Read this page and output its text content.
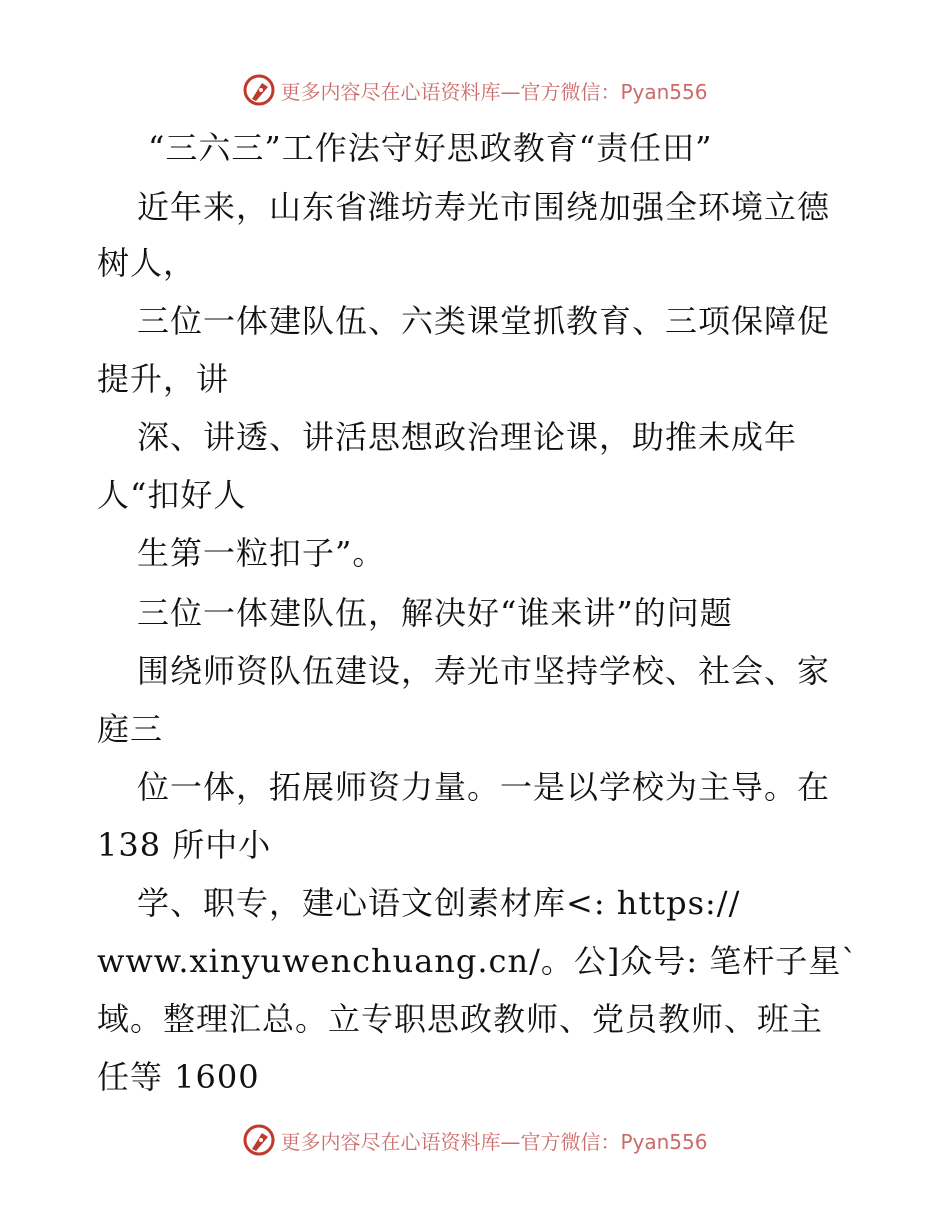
更多内容尽在心语资料库—官方微信：Pyan556
“三六三”工作法守好思政教育“责任田”
近年来，山东省潍坊寿光市围绕加强全环境立德
树人，
三位一体建队伍、六类课堂抓教育、三项保障促
提升，讲
深、讲透、讲活思想政治理论课，助推未成年
人“扣好人
生第一粒扣子”。
三位一体建队伍，解决好“谁来讲”的问题
围绕师资队伍建设，寿光市坚持学校、社会、家
庭三
位一体，拓展师资力量。一是以学校为主导。在
138 所中小
学、职专，建心语文创素材库<: https://
www.xinyuwenchuang.cn/。公]众号: 笔杆子星`
域。整理汇总。立专职思政教师、党员教师、班主
任等 1600
更多内容尽在心语资料库—官方微信：Pyan556
